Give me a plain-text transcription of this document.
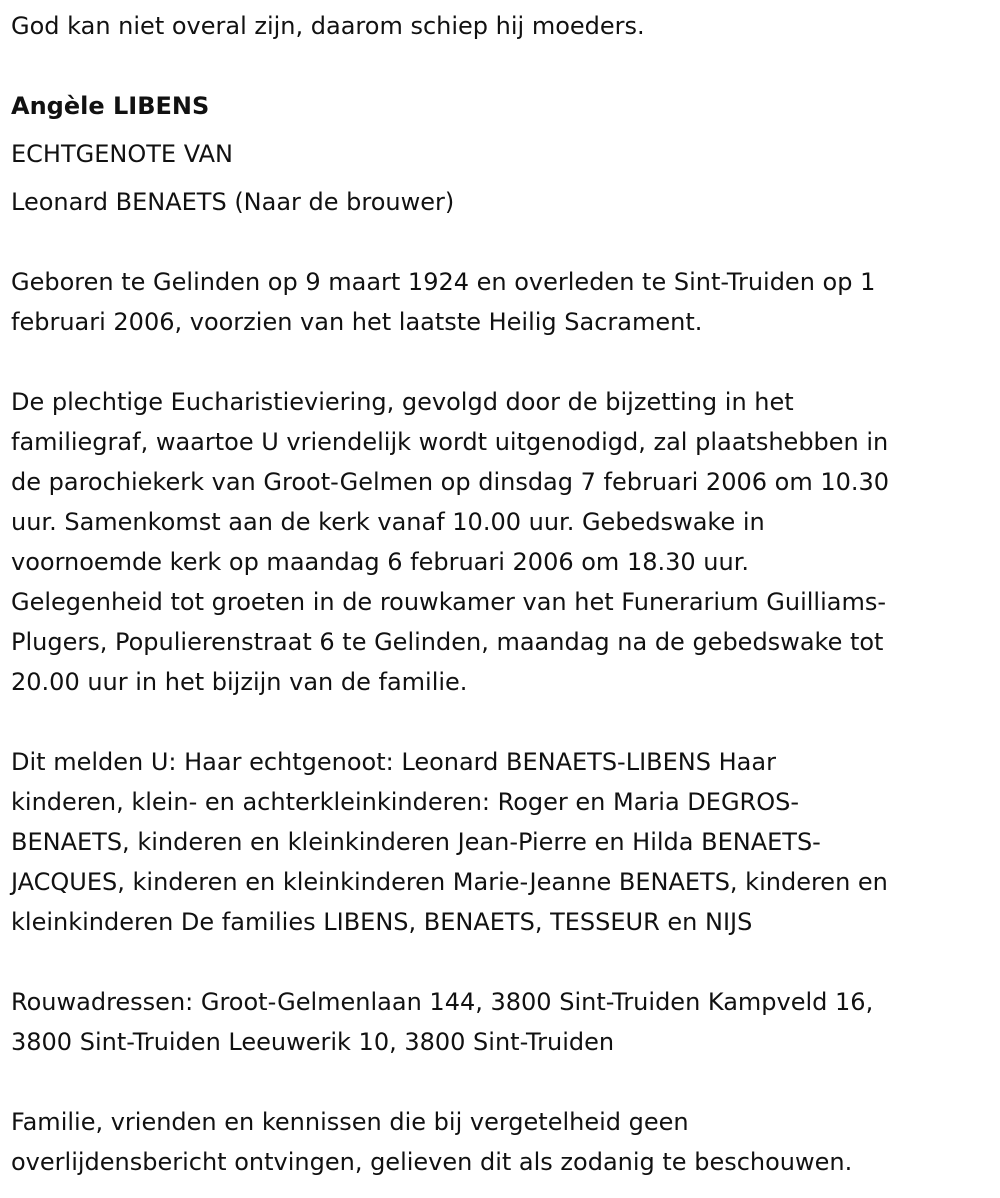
God kan niet overal zijn, daarom schiep hij moeders.

Angèle LIBENS

ECHTGENOTE VAN

Leonard BENAETS (Naar de brouwer)

Geboren te Gelinden op 9 maart 1924 en overleden te Sint-Truiden op 1

februari 2006, voorzien van het laatste Heilig Sacrament.

De plechtige Eucharistieviering, gevolgd door de bijzetting in het

familiegraf, waartoe U vriendelijk wordt uitgenodigd, zal plaatshebben in

de parochiekerk van Groot-Gelmen op dinsdag 7 februari 2006 om 10.30

uur. Samenkomst aan de kerk vanaf 10.00 uur. Gebedswake in

voornoemde kerk op maandag 6 februari 2006 om 18.30 uur.

Gelegenheid tot groeten in de rouwkamer van het Funerarium Guilliams-

Plugers, Populierenstraat 6 te Gelinden, maandag na de gebedswake tot

20.00 uur in het bijzijn van de familie.

Dit melden U: Haar echtgenoot: Leonard BENAETS-LIBENS Haar

kinderen, klein- en achterkleinkinderen: Roger en Maria DEGROS-

BENAETS, kinderen en kleinkinderen Jean-Pierre en Hilda BENAETS-

JACQUES, kinderen en kleinkinderen Marie-Jeanne BENAETS, kinderen en

kleinkinderen De families LIBENS, BENAETS, TESSEUR en NIJS

Rouwadressen: Groot-Gelmenlaan 144, 3800 Sint-Truiden Kampveld 16,

3800 Sint-Truiden Leeuwerik 10, 3800 Sint-Truiden

Familie, vrienden en kennissen die bij vergetelheid geen

overlijdensbericht ontvingen, gelieven dit als zodanig te beschouwen.
